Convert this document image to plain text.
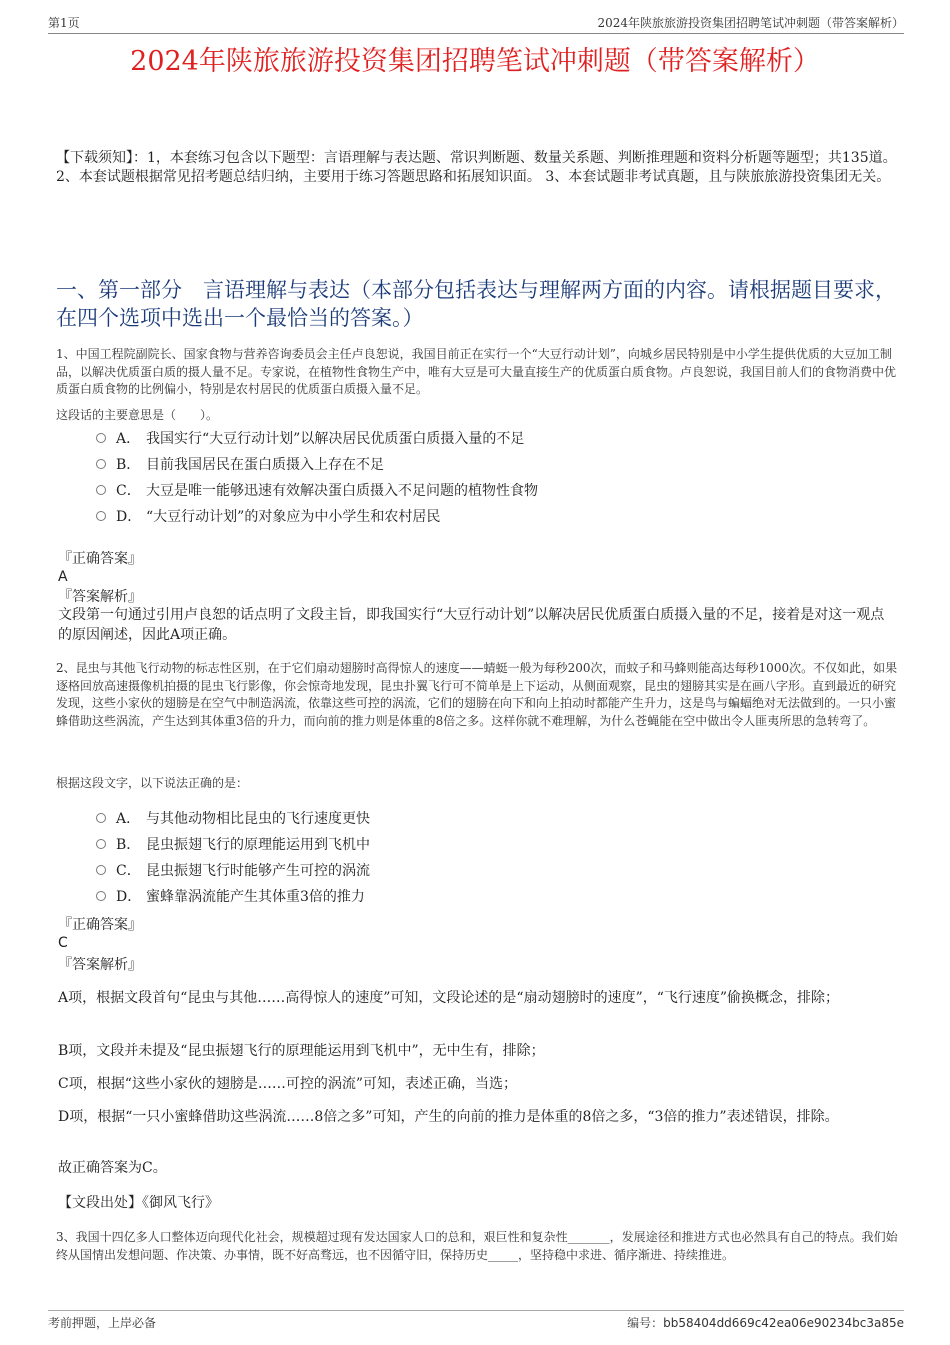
第1页	2024年陕旅旅游投资集团招聘笔试冲刺题（带答案解析）
2024年陕旅旅游投资集团招聘笔试冲刺题（带答案解析）
【下载须知】：1，本套练习包含以下题型：言语理解与表达题、常识判断题、数量关系题、判断推理题和资料分析题等题型；共135道。 2、本套试题根据常见招考题总结归纳，主要用于练习答题思路和拓展知识面。 3、本套试题非考试真题，且与陕旅旅游投资集团无关。
一、第一部分　言语理解与表达（本部分包括表达与理解两方面的内容。请根据题目要求，在四个选项中选出一个最恰当的答案。）

1、中国工程院副院长、国家食物与营养咨询委员会主任卢良恕说，我国目前正在实行一个“大豆行动计划”，向城乡居民特别是中小学生提供优质的大豆加工制品，以解决优质蛋白质的摄人量不足。专家说，在植物性食物生产中，唯有大豆是可大量直接生产的优质蛋白质食物。卢良恕说，我国目前人们的食物消费中优质蛋白质食物的比例偏小，特别是农村居民的优质蛋白质摄入量不足。

这段话的主要意思是（　　）。

A． 我国实行“大豆行动计划”以解决居民优质蛋白质摄入量的不足
B． 目前我国居民在蛋白质摄入上存在不足
C． 大豆是唯一能够迅速有效解决蛋白质摄入不足问题的植物性食物
D． “大豆行动计划”的对象应为中小学生和农村居民
『正确答案』
A
『答案解析』

文段第一句通过引用卢良恕的话点明了文段主旨，即我国实行“大豆行动计划”以解决居民优质蛋白质摄入量的不足，接着是对这一观点的原因阐述，因此A项正确。

2、昆虫与其他飞行动物的标志性区别，在于它们扇动翅膀时高得惊人的速度——蜻蜓一般为每秒200次，而蚊子和马蜂则能高达每秒1000次。不仅如此，如果逐格回放高速摄像机拍摄的昆虫飞行影像，你会惊奇地发现，昆虫扑翼飞行可不简单是上下运动，从侧面观察，昆虫的翅膀其实是在画八字形。直到最近的研究发现，这些小家伙的翅膀是在空气中制造涡流，依靠这些可控的涡流，它们的翅膀在向下和向上拍动时都能产生升力，这是鸟与蝙蝠绝对无法做到的。一只小蜜蜂借助这些涡流，产生达到其体重3倍的升力，而向前的推力则是体重的8倍之多。这样你就不难理解，为什么苍蝇能在空中做出令人匪夷所思的急转弯了。

根据这段文字，以下说法正确的是：

A． 与其他动物相比昆虫的飞行速度更快
B． 昆虫振翅飞行的原理能运用到飞机中
C． 昆虫振翅飞行时能够产生可控的涡流
D． 蜜蜂靠涡流能产生其体重3倍的推力
『正确答案』
C
『答案解析』

A项，根据文段首句“昆虫与其他……高得惊人的速度”可知，文段论述的是“扇动翅膀时的速度”，“飞行速度”偷换概念，排除；

B项，文段并未提及“昆虫振翅飞行的原理能运用到飞机中”，无中生有，排除；

C项，根据“这些小家伙的翅膀是……可控的涡流”可知，表述正确，当选；

D项，根据“一只小蜜蜂借助这些涡流……8倍之多”可知，产生的向前的推力是体重的8倍之多，“3倍的推力”表述错误，排除。

故正确答案为C。

【文段出处】《御风飞行》

3、我国十四亿多人口整体迈向现代化社会，规模超过现有发达国家人口的总和，艰巨性和复杂性_______，发展途径和推进方式也必然具有自己的特点。我们始终从国情出发想问题、作决策、办事情，既不好高骛远，也不因循守旧，保持历史_____，坚持稳中求进、循序渐进、持续推进。

考前押题，上岸必备	编号：bb58404dd669c42ea06e90234bc3a85e
